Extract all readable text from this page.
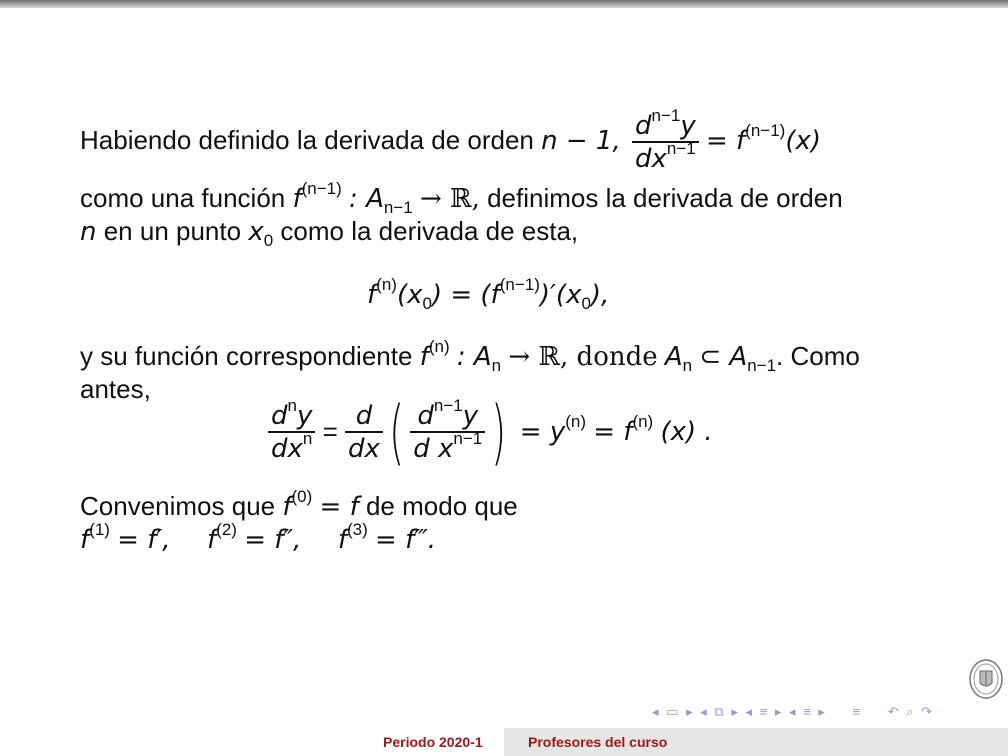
Habiendo definido la derivada de orden n − 1, $\frac{d^{n-1}y}{dx^{n-1}} = f^{(n-1)}(x)$
como una función $f^{(n-1)}$ : $A_{n-1}$ → ℝ, definimos la derivada de orden
n en un punto $x_0$ como la derivada de esta,
$f^{(n)}(x_0) = (f^{(n-1)})'(x_0)$,
y su función correspondiente $f^{(n)}$ : $A_n$ → ℝ, donde $A_n$ ⊂ $A_{n-1}$. Como
antes,
$\frac{d^ny}{dx^n} = \frac{d}{dx}$ ( $\frac{d^{n-1}y}{d x^{n-1}}$ ) = $y^{(n)} = f^{(n)}$ (x) .
Convenimos que $f^{(0)} = f$ de modo que
$f^{(1)} = f'$, $f^{(2)} = f''$, $f^{(3)}$ = f‴.
◂ ▭ ▸ ◂ ⧉ ▸ ◂ ≡ ▸ ◂ ≡ ▸ ≡ ↶ ⌕ ↷
Periodo 2020-1	Profesores del curso
